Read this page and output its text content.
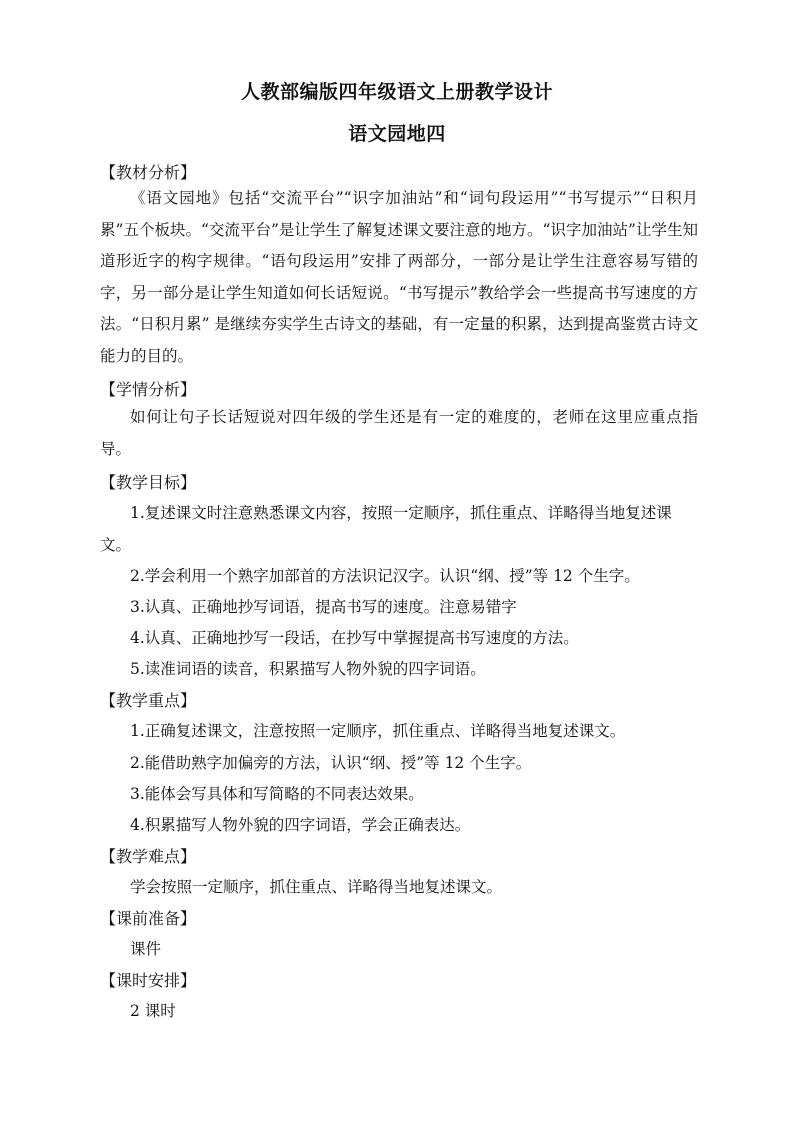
人教部编版四年级语文上册教学设计
语文园地四
【教材分析】
《语文园地》包括“交流平台”“识字加油站”和“词句段运用”“书写提示”“日积月累”五个板块。“交流平台”是让学生了解复述课文要注意的地方。“识字加油站”让学生知道形近字的构字规律。“语句段运用”安排了两部分，一部分是让学生注意容易写错的字，另一部分是让学生知道如何长话短说。“书写提示”教给学会一些提高书写速度的方法。“日积月累” 是继续夯实学生古诗文的基础，有一定量的积累，达到提高鉴赏古诗文能力的目的。
【学情分析】
如何让句子长话短说对四年级的学生还是有一定的难度的，老师在这里应重点指导。
【教学目标】
1.复述课文时注意熟悉课文内容，按照一定顺序，抓住重点、详略得当地复述课
文。
2.学会利用一个熟字加部首的方法识记汉字。认识“纲、授”等 12 个生字。
3.认真、正确地抄写词语，提高书写的速度。注意易错字
4.认真、正确地抄写一段话，在抄写中掌握提高书写速度的方法。
5.读准词语的读音，积累描写人物外貌的四字词语。
【教学重点】
1.正确复述课文，注意按照一定顺序，抓住重点、详略得当地复述课文。
2.能借助熟字加偏旁的方法，认识“纲、授”等 12 个生字。
3.能体会写具体和写简略的不同表达效果。
4.积累描写人物外貌的四字词语，学会正确表达。
【教学难点】
学会按照一定顺序，抓住重点、详略得当地复述课文。
【课前准备】
课件
【课时安排】
2 课时
